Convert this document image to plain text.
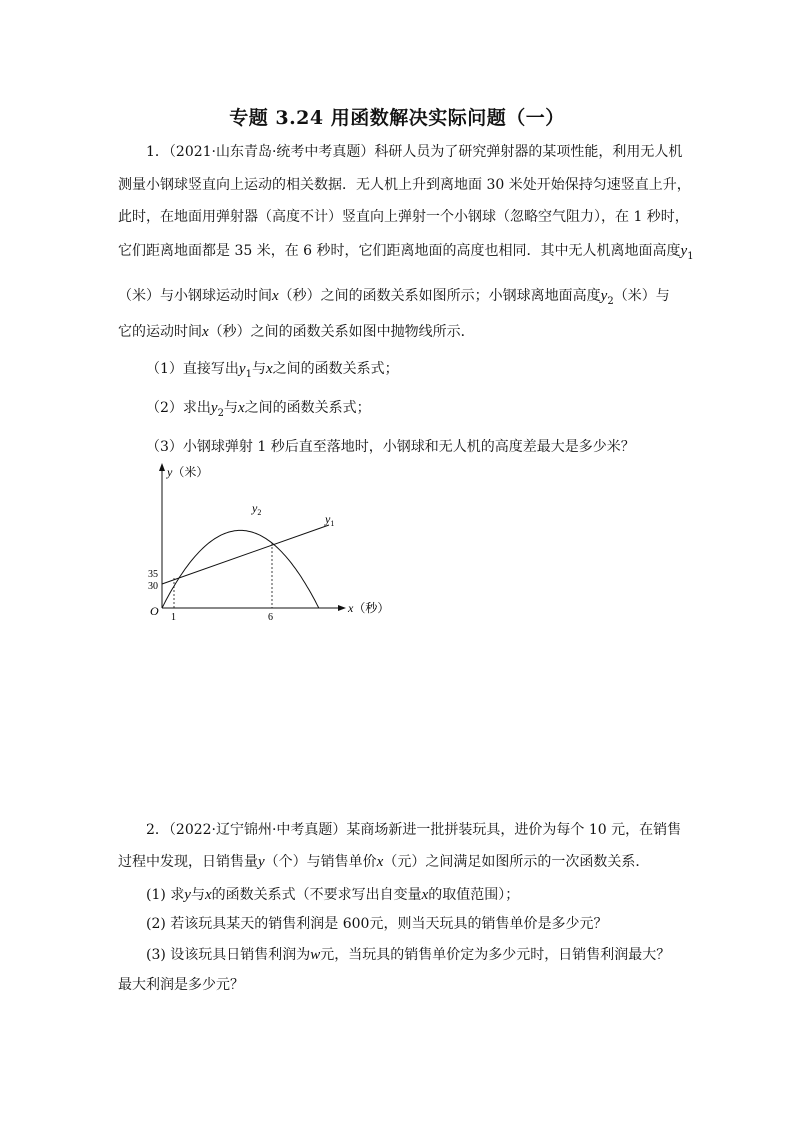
专题 3.24 用函数解决实际问题（一）
1．（2021·山东青岛·统考中考真题）科研人员为了研究弹射器的某项性能，利用无人机
测量小钢球竖直向上运动的相关数据．无人机上升到离地面 30 米处开始保持匀速竖直上升，
此时，在地面用弹射器（高度不计）竖直向上弹射一个小钢球（忽略空气阻力），在 1 秒时，
它们距离地面都是 35 米，在 6 秒时，它们距离地面的高度也相同．其中无人机离地面高度$y_1$
（米）与小钢球运动时间x（秒）之间的函数关系如图所示；小钢球离地面高度$y_2$（米）与
它的运动时间x（秒）之间的函数关系如图中抛物线所示．
（1）直接写出$y_1$与x之间的函数关系式；
（2）求出$y_2$与x之间的函数关系式；
（3）小钢球弹射 1 秒后直至落地时，小钢球和无人机的高度差最大是多少米？
y（米）
x（秒）
O
35
30
1	6
$y_2$	$y_1$
2．（2022·辽宁锦州·中考真题）某商场新进一批拼装玩具，进价为每个 10 元，在销售
过程中发现，日销售量y（个）与销售单价x（元）之间满足如图所示的一次函数关系．
(1) 求y与x的函数关系式（不要求写出自变量x的取值范围）；
(2) 若该玩具某天的销售利润是 600元，则当天玩具的销售单价是多少元？
(3) 设该玩具日销售利润为w元，当玩具的销售单价定为多少元时，日销售利润最大？
最大利润是多少元？
